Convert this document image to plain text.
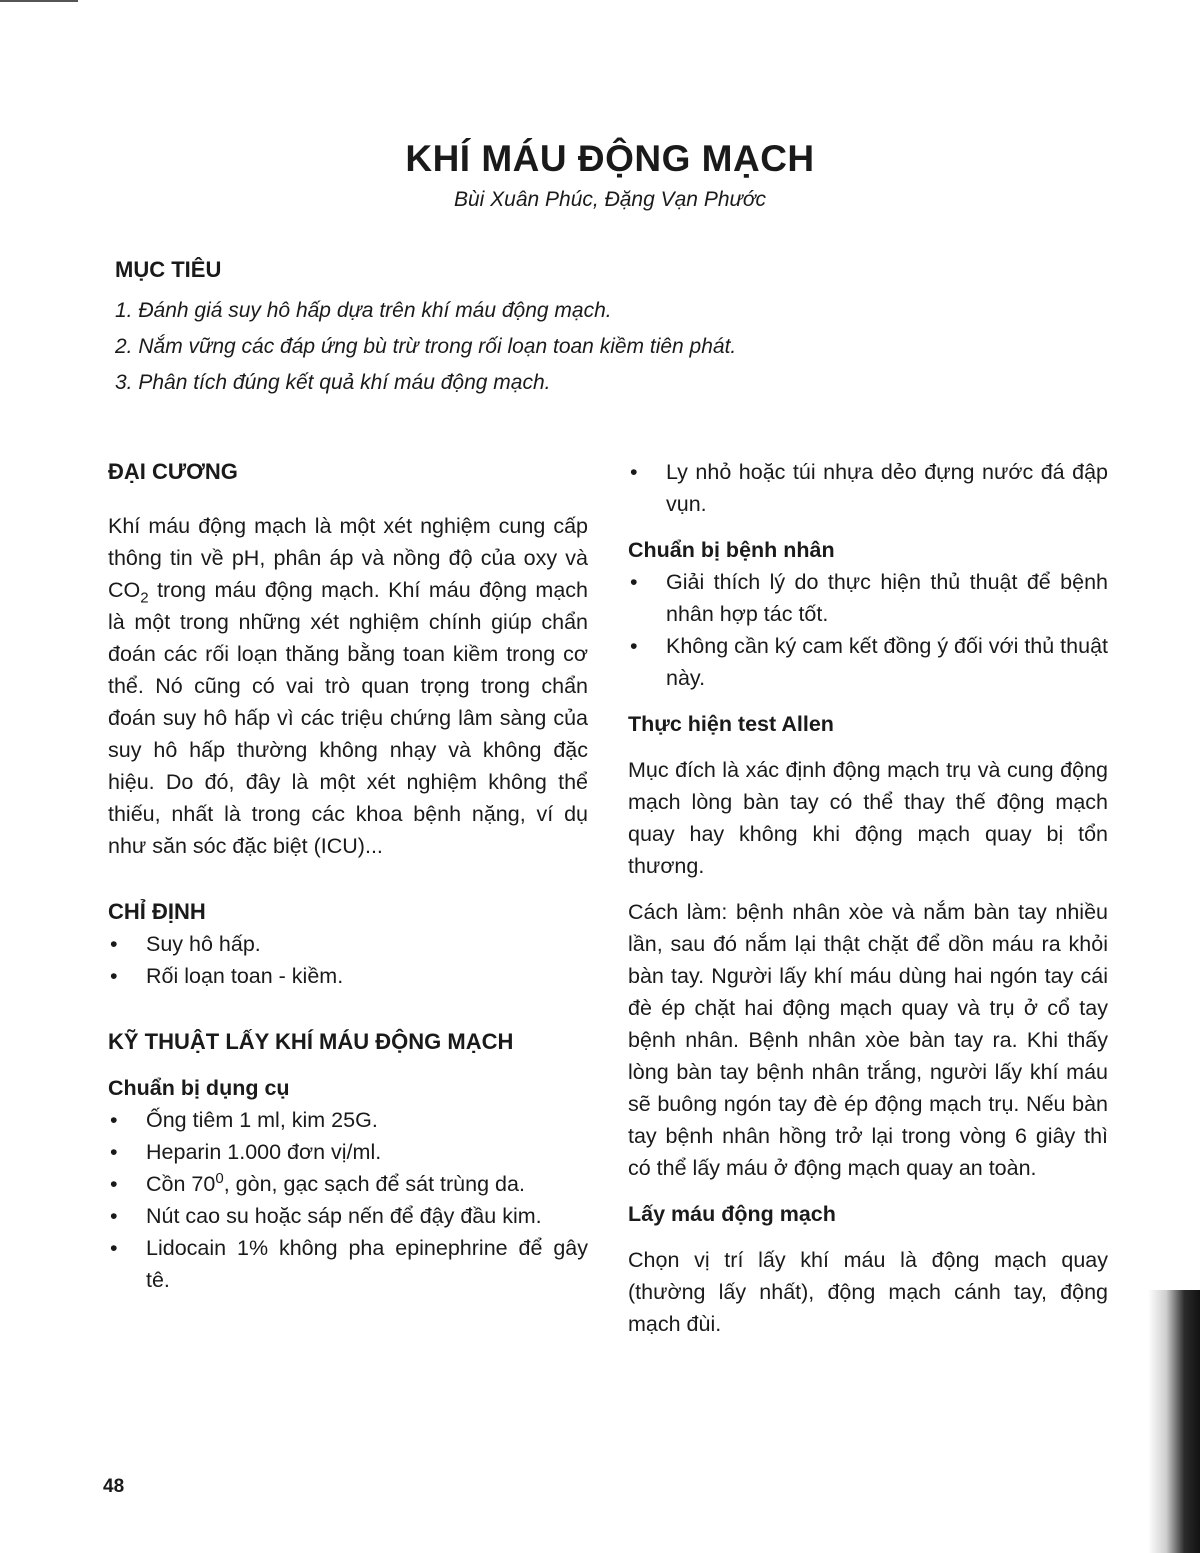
KHÍ MÁU ĐỘNG MẠCH
Bùi Xuân Phúc, Đặng Vạn Phước
MỤC TIÊU
1. Đánh giá suy hô hấp dựa trên khí máu động mạch.
2. Nắm vững các đáp ứng bù trừ trong rối loạn toan kiềm tiên phát.
3. Phân tích đúng kết quả khí máu động mạch.
ĐẠI CƯƠNG

Khí máu động mạch là một xét nghiệm cung cấp thông tin về pH, phân áp và nồng độ của oxy và $CO_2$ trong máu động mạch. Khí máu động mạch là một trong những xét nghiệm chính giúp chẩn đoán các rối loạn thăng bằng toan kiềm trong cơ thể. Nó cũng có vai trò quan trọng trong chẩn đoán suy hô hấp vì các triệu chứng lâm sàng của suy hô hấp thường không nhạy và không đặc hiệu. Do đó, đây là một xét nghiệm không thể thiếu, nhất là trong các khoa bệnh nặng, ví dụ như săn sóc đặc biệt (ICU)...

CHỈ ĐỊNH
• Suy hô hấp.
• Rối loạn toan - kiềm.
KỸ THUẬT LẤY KHÍ MÁU ĐỘNG MẠCH
Chuẩn bị dụng cụ
• Ống tiêm 1 ml, kim 25G.
• Heparin 1.000 đơn vị/ml.
• Cồn $70^0$, gòn, gạc sạch để sát trùng da.
• Nút cao su hoặc sáp nến để đậy đầu kim.
• Lidocain 1% không pha epinephrine để gây tê.
• Ly nhỏ hoặc túi nhựa dẻo đựng nước đá đập vụn.
Chuẩn bị bệnh nhân
• Giải thích lý do thực hiện thủ thuật để bệnh nhân hợp tác tốt.
• Không cần ký cam kết đồng ý đối với thủ thuật này.
Thực hiện test Allen

Mục đích là xác định động mạch trụ và cung động mạch lòng bàn tay có thể thay thế động mạch quay hay không khi động mạch quay bị tổn thương.

Cách làm: bệnh nhân xòe và nắm bàn tay nhiều lần, sau đó nắm lại thật chặt để dồn máu ra khỏi bàn tay. Người lấy khí máu dùng hai ngón tay cái đè ép chặt hai động mạch quay và trụ ở cổ tay bệnh nhân. Bệnh nhân xòe bàn tay ra. Khi thấy lòng bàn tay bệnh nhân trắng, người lấy khí máu sẽ buông ngón tay đè ép động mạch trụ. Nếu bàn tay bệnh nhân hồng trở lại trong vòng 6 giây thì có thể lấy máu ở động mạch quay an toàn.

Lấy máu động mạch

Chọn vị trí lấy khí máu là động mạch quay (thường lấy nhất), động mạch cánh tay, động mạch đùi.

48
